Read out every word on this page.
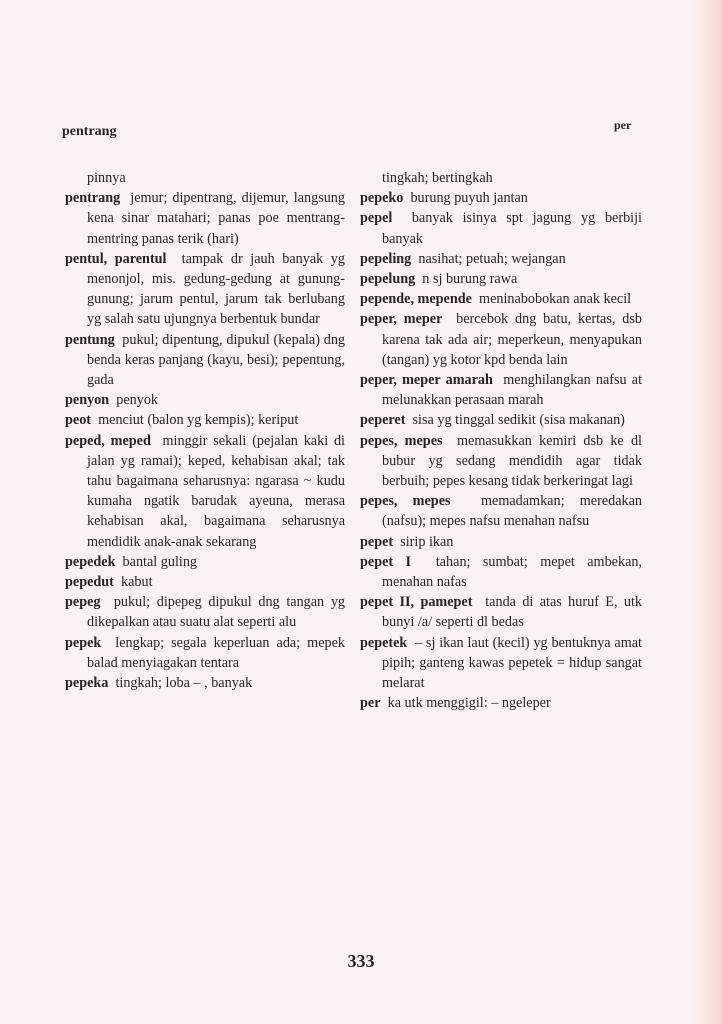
pentrang	per

pinnya

pentrang jemur; dipentrang, dijemur, langsung kena sinar matahari; panas poe mentrang-mentring panas terik (hari)

pentul, parentul tampak dr jauh banyak yg menonjol, mis. gedung-gedung at gunung-gunung; jarum pentul, jarum tak berlubang yg salah satu ujungnya berbentuk bundar

pentung pukul; dipentung, dipukul (kepala) dng benda keras panjang (kayu, besi); pepentung, gada

penyon penyok

peot menciut (balon yg kempis); keriput

peped, meped minggir sekali (pejalan kaki di jalan yg ramai); keped, kehabisan akal; tak tahu bagaimana seharusnya: ngarasa ~ kudu kumaha ngatik barudak ayeuna, merasa kehabisan akal, bagaimana seharusnya mendidik anak-anak sekarang

pepedek bantal guling

pepedut kabut

pepeg pukul; dipepeg dipukul dng tangan yg dikepalkan atau suatu alat seperti alu

pepek lengkap; segala keperluan ada; mepek balad menyiagakan tentara

pepeka tingkah; loba – , banyak

tingkah; bertingkah

pepeko burung puyuh jantan

pepel banyak isinya spt jagung yg berbiji banyak

pepeling nasihat; petuah; wejangan

pepelung n sj burung rawa

pepende, mepende meninabobokan anak kecil

peper, meper bercebok dng batu, kertas, dsb karena tak ada air; meperkeun, menyapukan (tangan) yg kotor kpd benda lain

peper, meper amarah menghilangkan nafsu at melunakkan perasaan marah

peperet sisa yg tinggal sedikit (sisa makanan)

pepes, mepes memasukkan kemiri dsb ke dl bubur yg sedang mendidih agar tidak berbuih; pepes kesang tidak berkeringat lagi

pepes, mepes memadamkan; meredakan (nafsu); mepes nafsu menahan nafsu

pepet sirip ikan

pepet I tahan; sumbat; mepet ambekan, menahan nafas

pepet II, pamepet tanda di atas huruf E, utk bunyi /a/ seperti dl bedas

pepetek – sj ikan laut (kecil) yg bentuknya amat pipih; ganteng kawas pepetek = hidup sangat melarat

per ka utk menggigil: – ngeleper

333
